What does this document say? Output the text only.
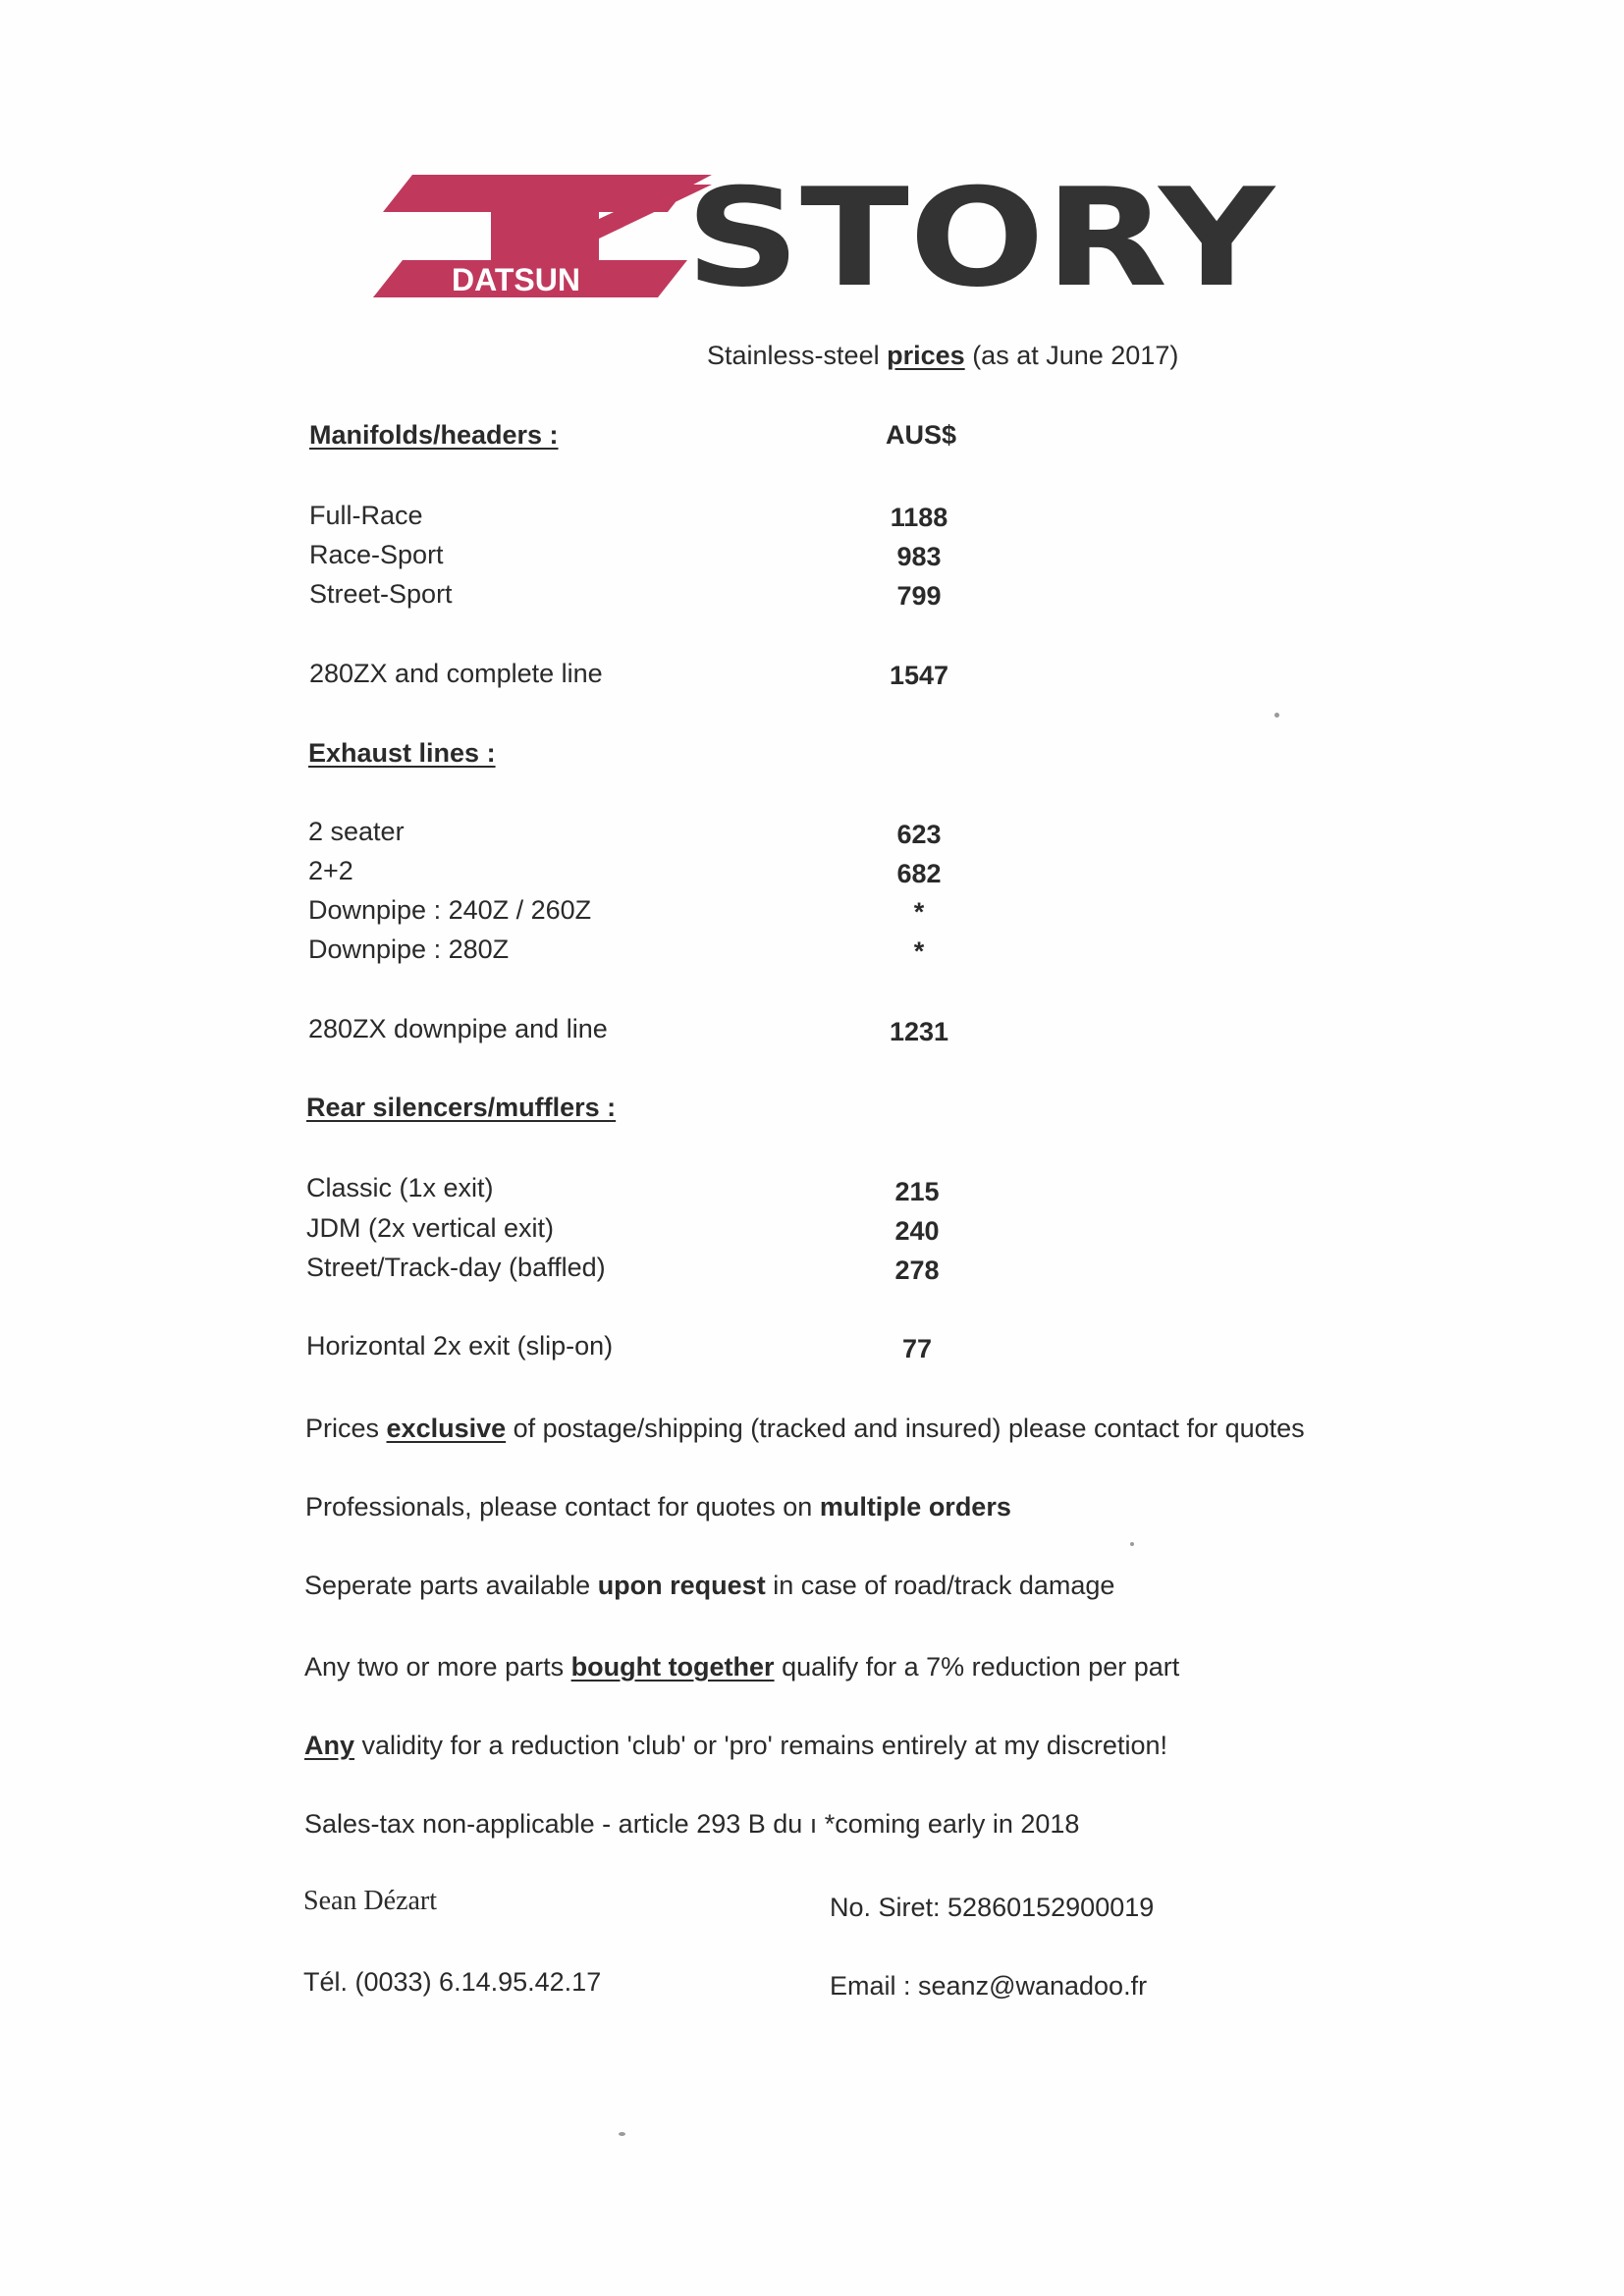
DATSUN STORY
Stainless-steel prices (as at June 2017)
Manifolds/headers :	AUS$
Full-Race	1188
Race-Sport	983
Street-Sport	799
280ZX and complete line	1547
Exhaust lines :
2 seater	623
2+2	682
Downpipe : 240Z / 260Z	*
Downpipe : 280Z	*
280ZX downpipe and line	1231
Rear silencers/mufflers :
Classic (1x exit)	215
JDM (2x vertical exit)	240
Street/Track-day (baffled)	278
Horizontal 2x exit (slip-on)	77
Prices exclusive of postage/shipping (tracked and insured) please contact for quotes
Professionals, please contact for quotes on multiple orders
Seperate parts available upon request in case of road/track damage
Any two or more parts bought together qualify for a 7% reduction per part
Any validity for a reduction 'club' or 'pro' remains entirely at my discretion!
Sales-tax non-applicable - article 293 B du ı *coming early in 2018
Sean Dézart	No. Siret: 52860152900019
Tél. (0033) 6.14.95.42.17	Email : seanz@wanadoo.fr
